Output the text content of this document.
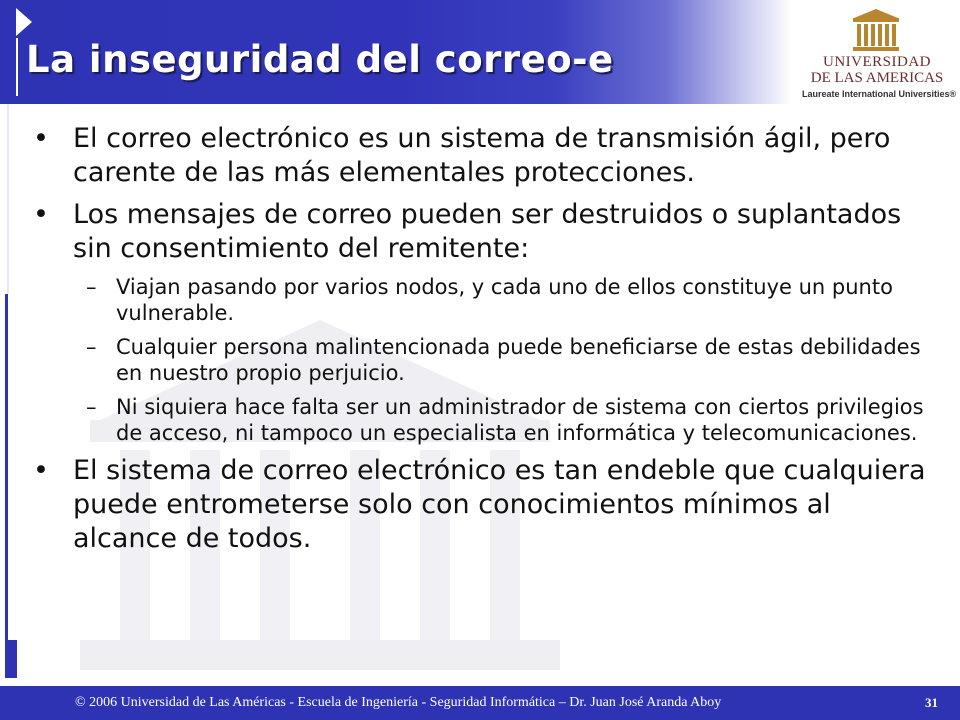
La inseguridad del correo-e	UNIVERSIDAD
DE LAS AMERICAS
Laureate International Universities®
• El correo electrónico es un sistema de transmisión ágil, pero carente de las más elementales protecciones.
• Los mensajes de correo pueden ser destruidos o suplantados sin consentimiento del remitente:
– Viajan pasando por varios nodos, y cada uno de ellos constituye un punto vulnerable.
– Cualquier persona malintencionada puede beneficiarse de estas debilidades en nuestro propio perjuicio.
– Ni siquiera hace falta ser un administrador de sistema con ciertos privilegios de acceso, ni tampoco un especialista en informática y telecomunicaciones.
• El sistema de correo electrónico es tan endeble que cualquiera puede entrometerse solo con conocimientos mínimos al alcance de todos.
© 2006 Universidad de Las Américas - Escuela de Ingeniería - Seguridad Informática – Dr. Juan José Aranda Aboy	31
